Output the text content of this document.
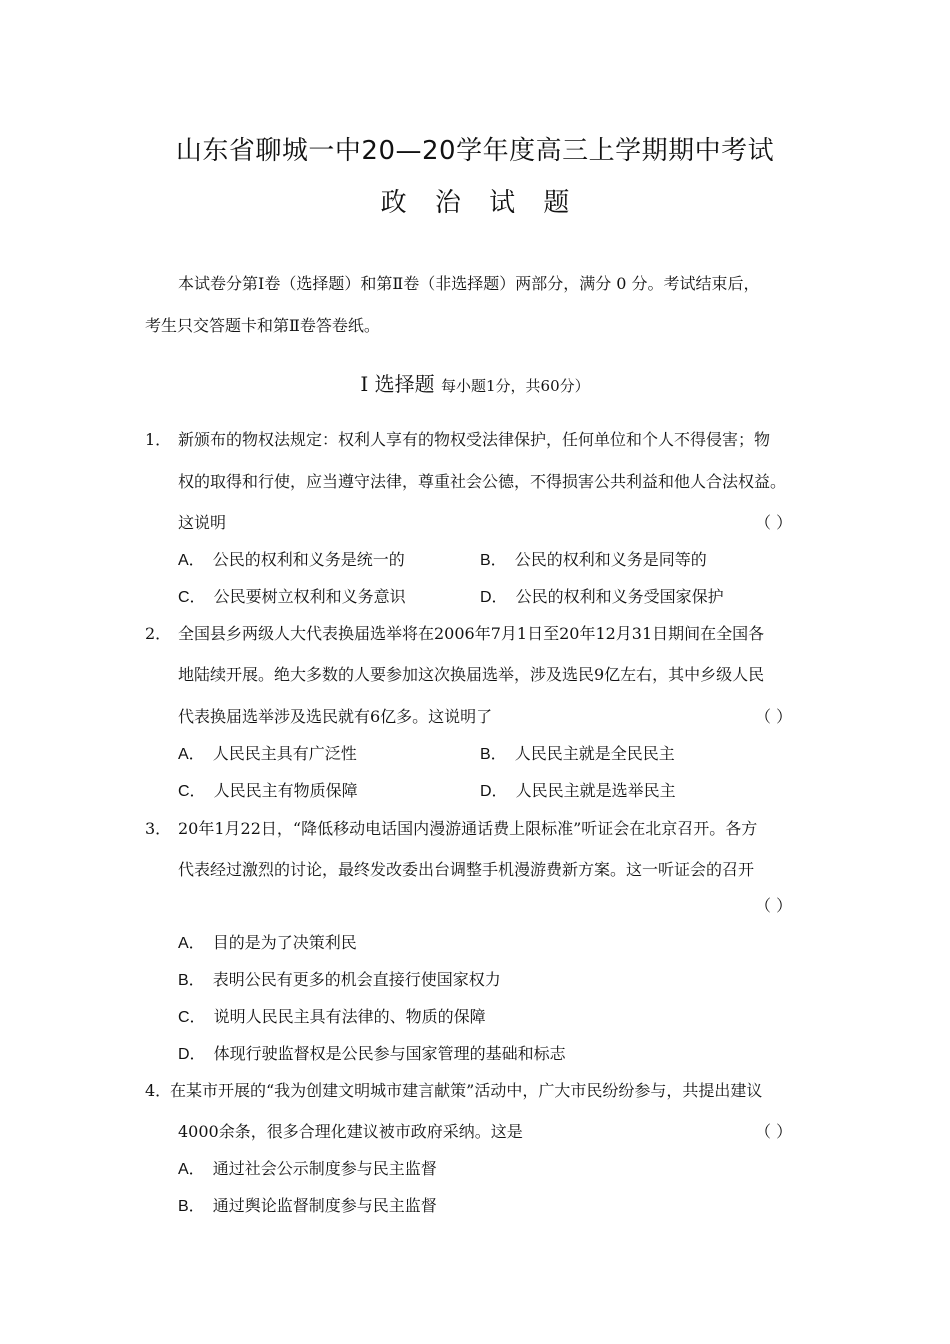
山东省聊城一中20—20学年度高三上学期期中考试
政 治 试 题
本试卷分第Ⅰ卷（选择题）和第Ⅱ卷（非选择题）两部分，满分 0 分。考试结束后，
考生只交答题卡和第Ⅱ卷答卷纸。
Ⅰ 选择题 每小题1分，共60分）
1． 新颁布的物权法规定：权利人享有的物权受法律保护，任何单位和个人不得侵害；物
权的取得和行使，应当遵守法律，尊重社会公德，不得损害公共利益和他人合法权益。
这说明	（ ）
A． 公民的权利和义务是统一的	B． 公民的权利和义务是同等的
C． 公民要树立权利和义务意识	D． 公民的权利和义务受国家保护
2． 全国县乡两级人大代表换届选举将在2006年7月1日至20年12月31日期间在全国各
地陆续开展。绝大多数的人要参加这次换届选举，涉及选民9亿左右，其中乡级人民
代表换届选举涉及选民就有6亿多。这说明了	（ ）
A． 人民民主具有广泛性	B． 人民民主就是全民民主
C． 人民民主有物质保障	D． 人民民主就是选举民主
3． 20年1月22日，“降低移动电话国内漫游通话费上限标准”听证会在北京召开。各方
代表经过激烈的讨论，最终发改委出台调整手机漫游费新方案。这一听证会的召开
（ ）
A． 目的是为了决策利民
B． 表明公民有更多的机会直接行使国家权力
C． 说明人民民主具有法律的、物质的保障
D． 体现行驶监督权是公民参与国家管理的基础和标志
4．
在某市开展的“我为创建文明城市建言献策”活动中，广大市民纷纷参与，共提出建议
4000余条，很多合理化建议被市政府采纳。这是	（ ）
A． 通过社会公示制度参与民主监督
B． 通过舆论监督制度参与民主监督
